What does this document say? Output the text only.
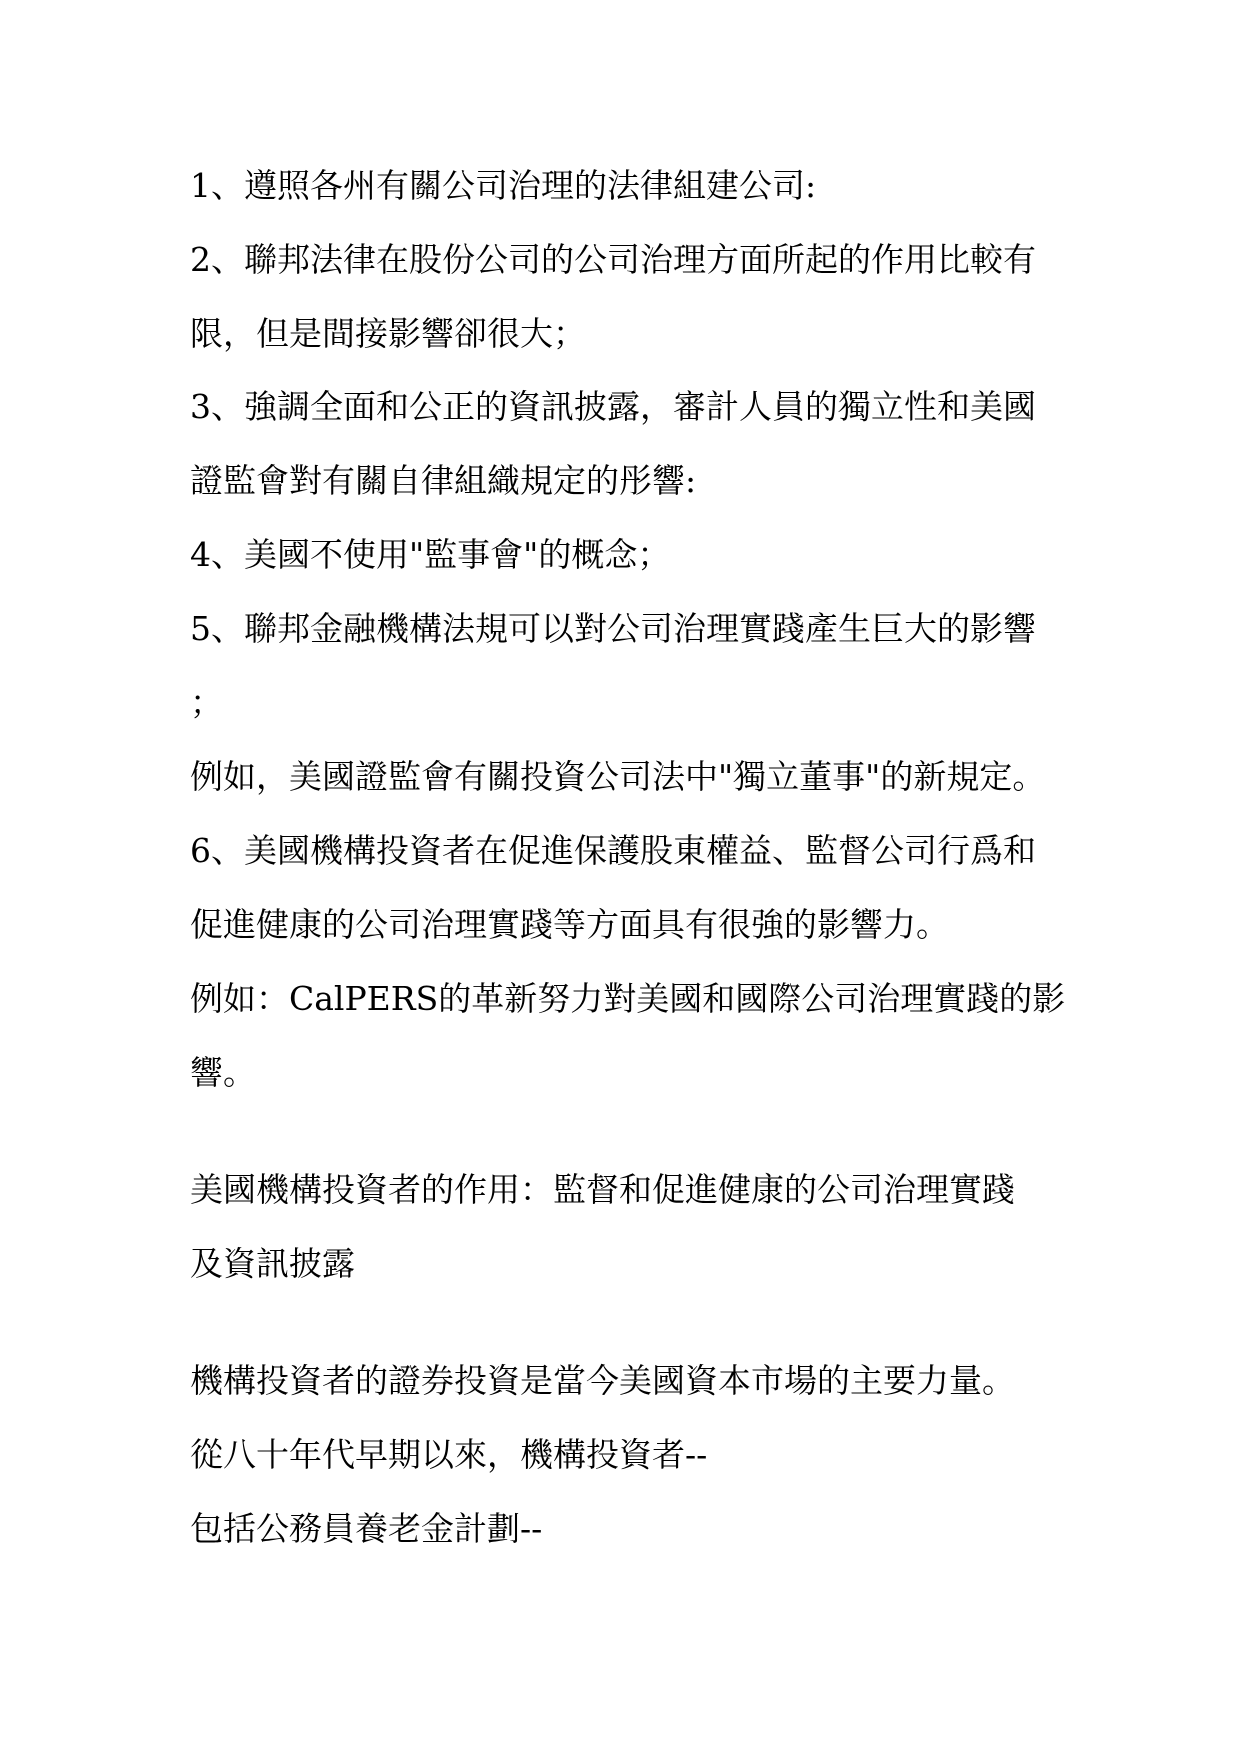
1、遵照各州有關公司治理的法律組建公司:
2、聯邦法律在股份公司的公司治理方面所起的作用比較有
限，但是間接影響卻很大；
3、強調全面和公正的資訊披露，審計人員的獨立性和美國
證監會對有關自律組織規定的彤響:
4、美國不使用"監事會"的概念；
5、聯邦金融機構法規可以對公司治理實踐產生巨大的影響
；
例如，美國證監會有關投資公司法中"獨立董事"的新規定。
6、美國機構投資者在促進保護股東權益、監督公司行爲和
促進健康的公司治理實踐等方面具有很強的影響力。
例如：CalPERS的革新努力對美國和國際公司治理實踐的影
響。
美國機構投資者的作用：監督和促進健康的公司治理實踐
及資訊披露
機構投資者的證券投資是當今美國資本市場的主要力量。
從八十年代早期以來，機構投資者--
包括公務員養老金計劃--
